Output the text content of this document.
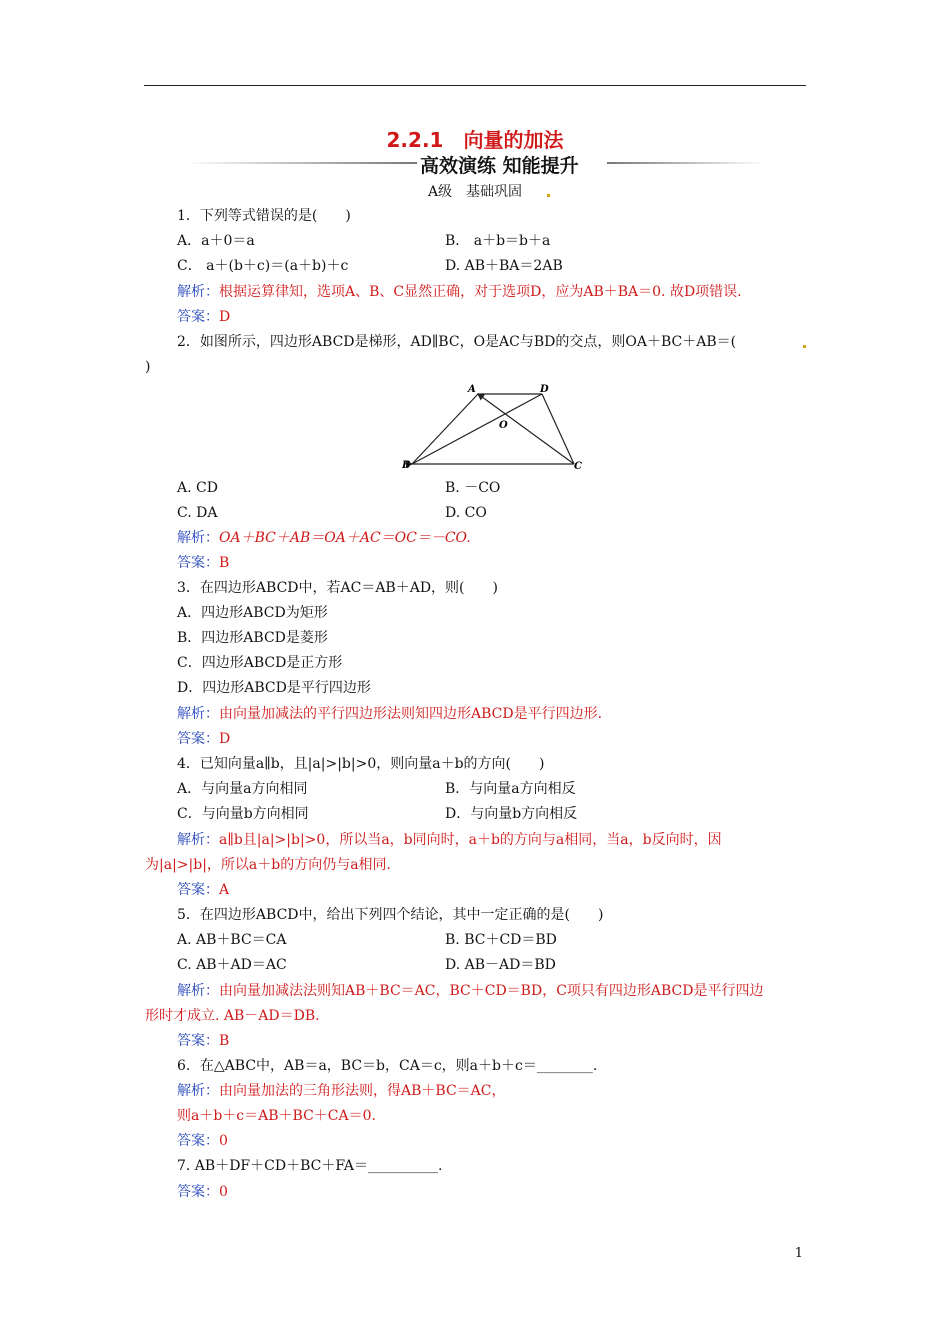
2.2.1　向量的加法
高效演练 知能提升
A级　基础巩固
1．下列等式错误的是(　　)
A．a＋0＝a	B． a＋b＝b＋a
C． a＋(b＋c)＝(a＋b)＋c	D. AB＋BA＝2AB
解析：根据运算律知，选项A、B、C显然正确，对于选项D，应为AB＋BA＝0. 故D项错误.
答案：D
2．如图所示，四边形ABCD是梯形，AD∥BC，O是AC与BD的交点，则OA＋BC＋AB＝(
)
A	D
O
B	C
A. CD	B. －CO
C. DA	D. CO
解析：OA＋BC＋AB＝OA＋AC＝OC＝－CO.
答案：B
3．在四边形ABCD中，若AC＝AB＋AD，则(　　)
A．四边形ABCD为矩形
B．四边形ABCD是菱形
C．四边形ABCD是正方形
D．四边形ABCD是平行四边形
解析：由向量加减法的平行四边形法则知四边形ABCD是平行四边形.
答案：D
4．已知向量a∥b，且|a|>|b|>0，则向量a＋b的方向(　　)
A．与向量a方向相同	B．与向量a方向相反
C．与向量b方向相同	D．与向量b方向相反
解析：a∥b且|a|>|b|>0，所以当a，b同向时，a＋b的方向与a相同，当a，b反向时，因
为|a|>|b|，所以a＋b的方向仍与a相同.
答案：A
5．在四边形ABCD中，给出下列四个结论，其中一定正确的是(　　)
A. AB＋BC＝CA	B. BC＋CD＝BD
C. AB＋AD＝AC	D. AB－AD＝BD
解析：由向量加减法法则知AB＋BC＝AC，BC＋CD＝BD，C项只有四边形ABCD是平行四边
形时才成立. AB－AD＝DB.
答案：B
6．在△ABC中，AB＝a，BC＝b，CA＝c，则a＋b＋c＝________.
解析：由向量加法的三角形法则，得AB＋BC＝AC，
则a＋b＋c＝AB＋BC＋CA＝0.
答案：0
7. AB＋DF＋CD＋BC＋FA＝__________.
答案：0
1
